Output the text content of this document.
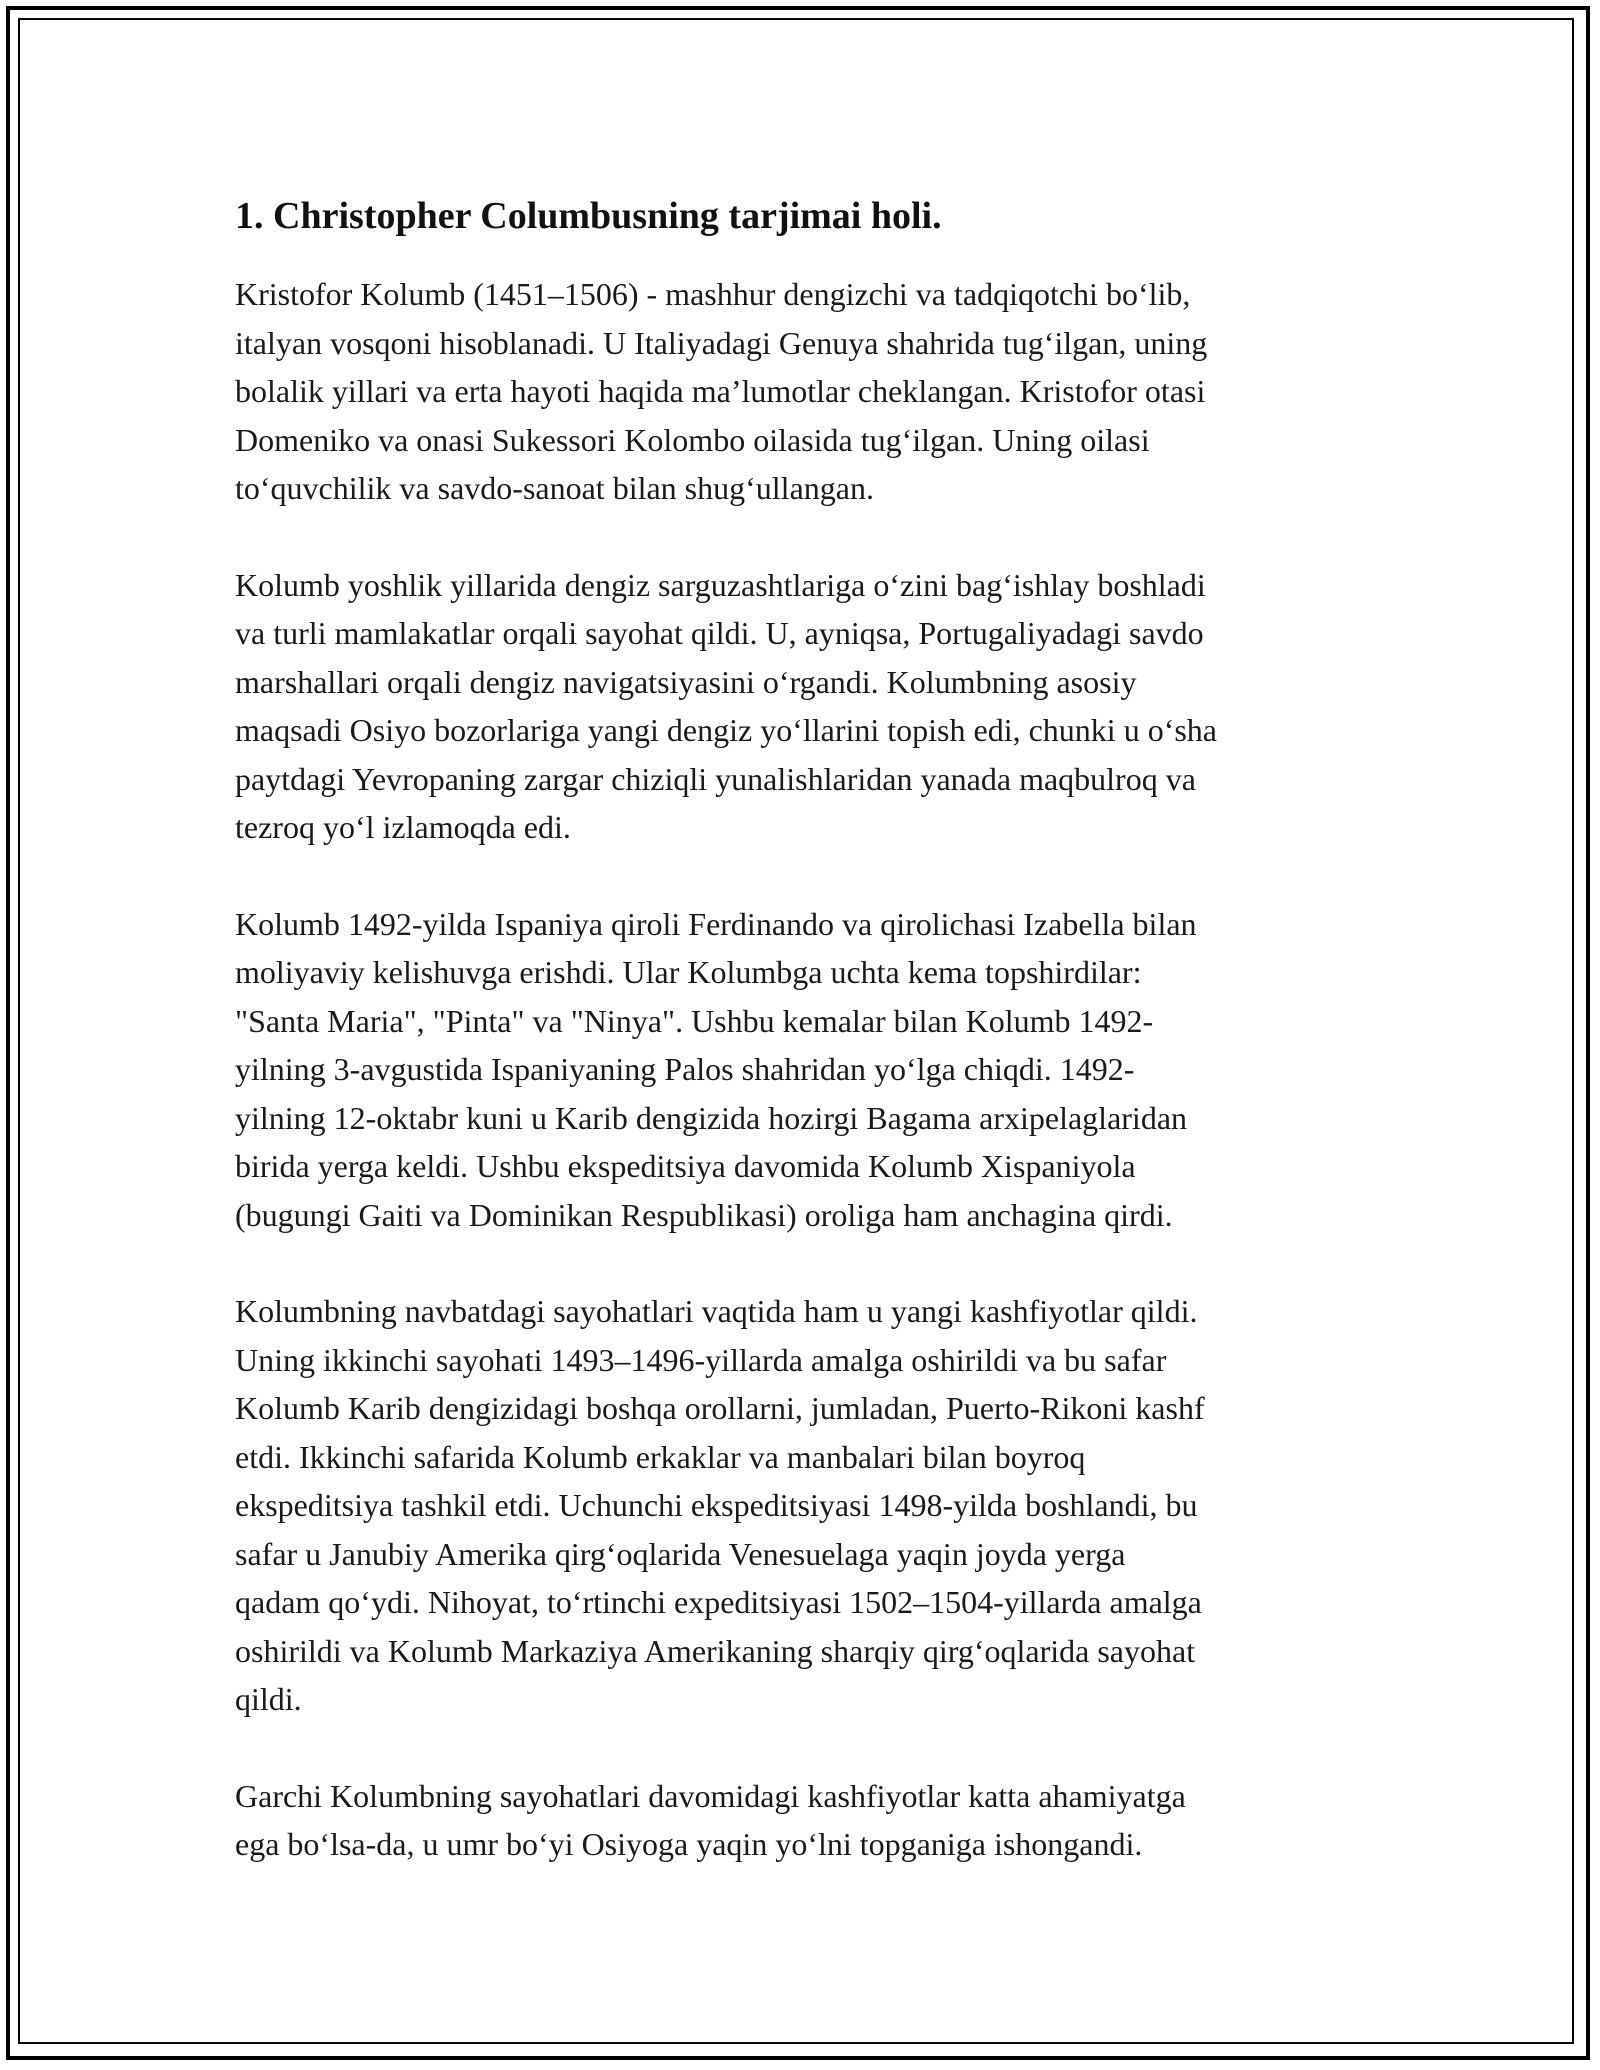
1. Christopher Columbusning tarjimai holi.

Kristofor Kolumb (1451–1506) - mashhur dengizchi va tadqiqotchi bo‘lib,
italyan vosqoni hisoblanadi. U Italiyadagi Genuya shahrida tug‘ilgan, uning
bolalik yillari va erta hayoti haqida ma’lumotlar cheklangan. Kristofor otasi
Domeniko va onasi Sukessori Kolombo oilasida tug‘ilgan. Uning oilasi
to‘quvchilik va savdo-sanoat bilan shug‘ullangan.

Kolumb yoshlik yillarida dengiz sarguzashtlariga o‘zini bag‘ishlay boshladi
va turli mamlakatlar orqali sayohat qildi. U, ayniqsa, Portugaliyadagi savdo
marshallari orqali dengiz navigatsiyasini o‘rgandi. Kolumbning asosiy
maqsadi Osiyo bozorlariga yangi dengiz yo‘llarini topish edi, chunki u o‘sha
paytdagi Yevropaning zargar chiziqli yunalishlaridan yanada maqbulroq va
tezroq yo‘l izlamoqda edi.

Kolumb 1492-yilda Ispaniya qiroli Ferdinando va qirolichasi Izabella bilan
moliyaviy kelishuvga erishdi. Ular Kolumbga uchta kema topshirdilar:
"Santa Maria", "Pinta" va "Ninya". Ushbu kemalar bilan Kolumb 1492-
yilning 3-avgustida Ispaniyaning Palos shahridan yo‘lga chiqdi. 1492-
yilning 12-oktabr kuni u Karib dengizida hozirgi Bagama arxipelaglaridan
birida yerga keldi. Ushbu ekspeditsiya davomida Kolumb Xispaniyola
(bugungi Gaiti va Dominikan Respublikasi) oroliga ham anchagina qirdi.

Kolumbning navbatdagi sayohatlari vaqtida ham u yangi kashfiyotlar qildi.
Uning ikkinchi sayohati 1493–1496-yillarda amalga oshirildi va bu safar
Kolumb Karib dengizidagi boshqa orollarni, jumladan, Puerto-Rikoni kashf
etdi. Ikkinchi safarida Kolumb erkaklar va manbalari bilan boyroq
ekspeditsiya tashkil etdi. Uchunchi ekspeditsiyasi 1498-yilda boshlandi, bu
safar u Janubiy Amerika qirg‘oqlarida Venesuelaga yaqin joyda yerga
qadam qo‘ydi. Nihoyat, to‘rtinchi expeditsiyasi 1502–1504-yillarda amalga
oshirildi va Kolumb Markaziya Amerikaning sharqiy qirg‘oqlarida sayohat
qildi.

Garchi Kolumbning sayohatlari davomidagi kashfiyotlar katta ahamiyatga
ega bo‘lsa-da, u umr bo‘yi Osiyoga yaqin yo‘lni topganiga ishongandi.
